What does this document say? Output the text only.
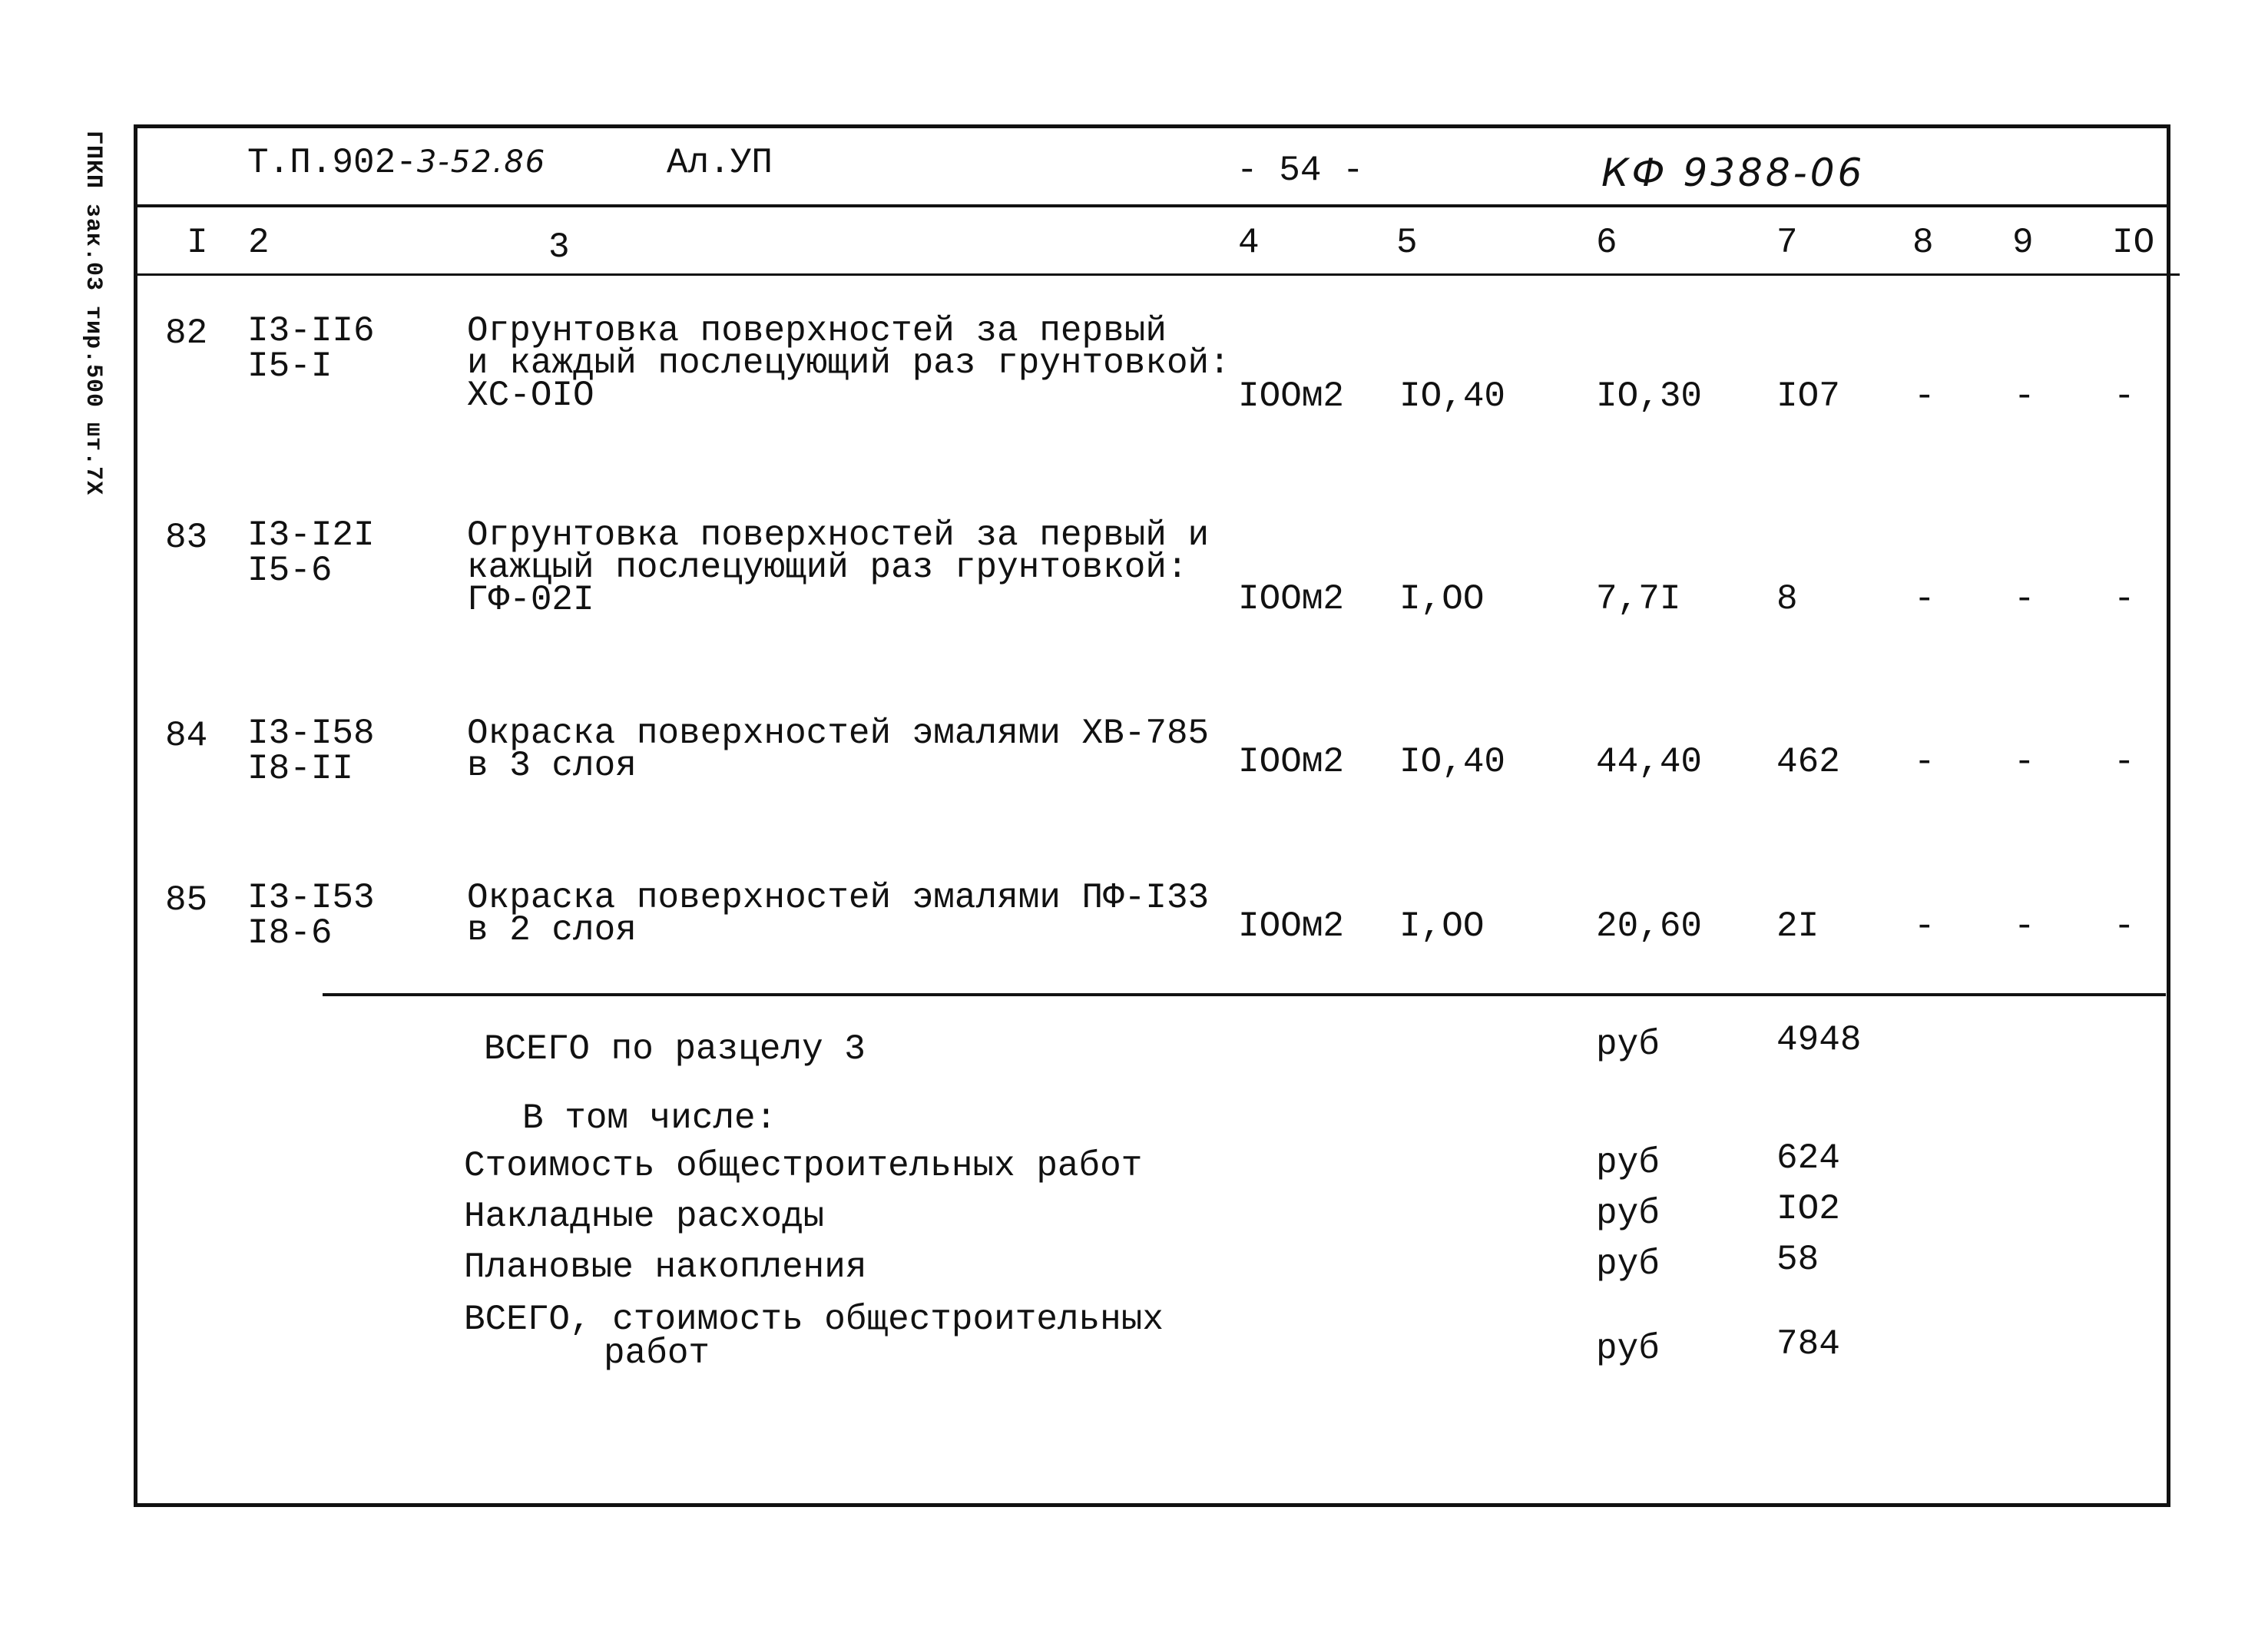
ГПКП зак.03 тир.500 шт.7Х	Т.П.902-3-52.86	Ал.УП	- 54 -	КФ 9388-06
I 2	3	4	5	6	7	8 9 IO
82 I3-II6
I5-I
Огрунтовка поверхностей за первый
и каждый послецующий раз грунтовкой:
ХС-OIO	IOOм2 IO,40	IO,30 IO7 - - -
83 I3-I2I
I5-6
Огрунтовка поверхностей за первый и
кажцый послецующий раз грунтовкой:
ГФ-02I	IOOм2 I,OO	7,7I	8	- - -
84 I3-I58
I8-II
Окраска поверхностей эмалями ХВ-785
в 3 слоя	IOOм2 IO,40	44,40 462 - - -
85 I3-I53
I8-6
Окраска поверхностей эмалями ПФ-I33
в 2 слоя	IOOм2 I,OO	20,60 2I	- - -
ВСЕГО по разцелу 3	руб	4948
В том числе:
Стоимость общестроительных работ	руб	624
Накладные расходы	руб	IO2
Плановые накопления	руб	58
ВСЕГО, стоимость общестроительных
работ	руб	784
